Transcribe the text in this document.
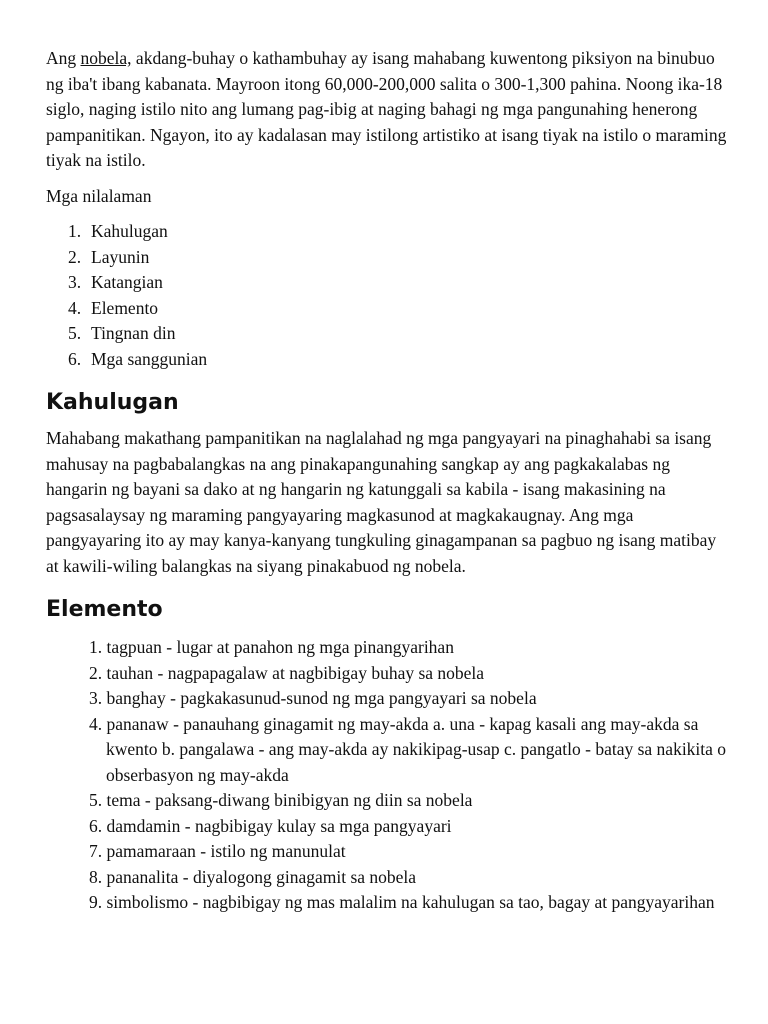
Ang nobela, akdang-buhay o kathambuhay ay isang mahabang kuwentong piksiyon na binubuo ng iba't ibang kabanata. Mayroon itong 60,000-200,000 salita o 300-1,300 pahina. Noong ika-18 siglo, naging istilo nito ang lumang pag-ibig at naging bahagi ng mga pangunahing henerong pampanitikan. Ngayon, ito ay kadalasan may istilong artistiko at isang tiyak na istilo o maraming tiyak na istilo.

Mga nilalaman

1. Kahulugan
2. Layunin
3. Katangian
4. Elemento
5. Tingnan din
6. Mga sanggunian
Kahulugan

Mahabang makathang pampanitikan na naglalahad ng mga pangyayari na pinaghahabi sa isang mahusay na pagbabalangkas na ang pinakapangunahing sangkap ay ang pagkakalabas ng hangarin ng bayani sa dako at ng hangarin ng katunggali sa kabila - isang makasining na pagsasalaysay ng maraming pangyayaring magkasunod at magkakaugnay. Ang mga pangyayaring ito ay may kanya-kanyang tungkuling ginagampanan sa pagbuo ng isang matibay at kawili-wiling balangkas na siyang pinakabuod ng nobela.

Elemento
1. tagpuan - lugar at panahon ng mga pinangyarihan
2. tauhan - nagpapagalaw at nagbibigay buhay sa nobela
3. banghay - pagkakasunud-sunod ng mga pangyayari sa nobela
4. pananaw - panauhang ginagamit ng may-akda a. una - kapag kasali ang may-akda sa kwento b. pangalawa - ang may-akda ay nakikipag-usap c. pangatlo - batay sa nakikita o obserbasyon ng may-akda
5. tema - paksang-diwang binibigyan ng diin sa nobela
6. damdamin - nagbibigay kulay sa mga pangyayari
7. pamamaraan - istilo ng manunulat
8. pananalita - diyalogong ginagamit sa nobela
9. simbolismo - nagbibigay ng mas malalim na kahulugan sa tao, bagay at pangyayarihan
